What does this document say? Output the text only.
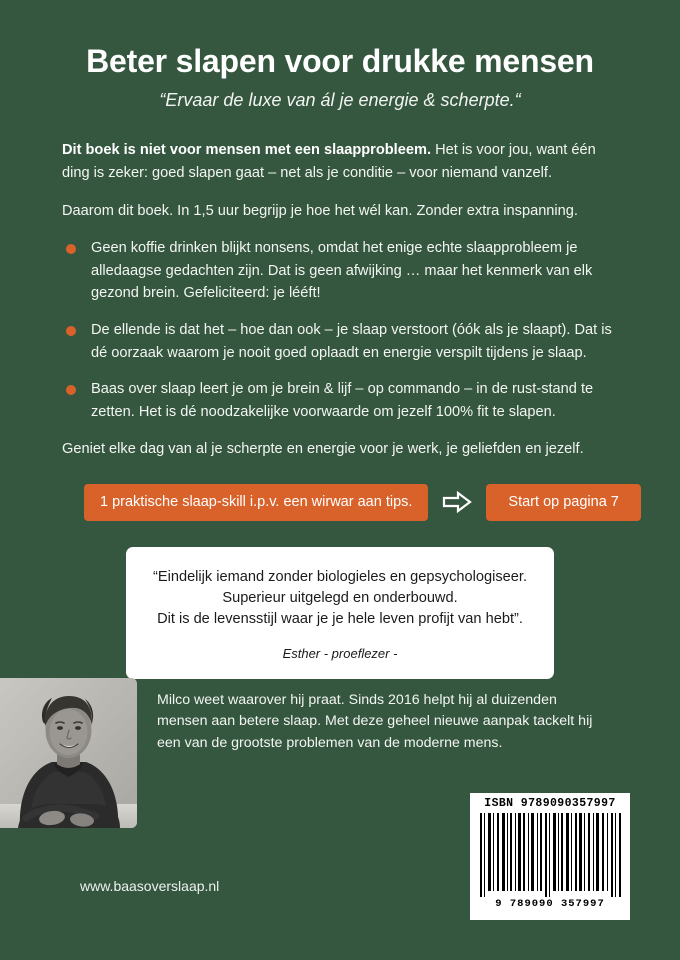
Beter slapen voor drukke mensen

“Ervaar de luxe van ál je energie & scherpte.“

Dit boek is niet voor mensen met een slaapprobleem. Het is voor jou, want één ding is zeker: goed slapen gaat – net als je conditie – voor niemand vanzelf.

Daarom dit boek. In 1,5 uur begrijp je hoe het wél kan. Zonder extra inspanning.

Geen koffie drinken blijkt nonsens, omdat het enige echte slaapprobleem je alledaagse gedachten zijn. Dat is geen afwijking … maar het kenmerk van elk gezond brein. Gefeliciteerd: je lééft!
De ellende is dat het – hoe dan ook – je slaap verstoort (óók als je slaapt). Dat is dé oorzaak waarom je nooit goed oplaadt en energie verspilt tijdens je slaap.
Baas over slaap leert je om je brein & lijf – op commando – in de rust-stand te zetten. Het is dé noodzakelijke voorwaarde om jezelf 100% fit te slapen.

Geniet elke dag van al je scherpte en energie voor je werk, je geliefden en jezelf.

1 praktische slaap-skill i.p.v. een wirwar aan tips.	Start op pagina 7

“Eindelijk iemand zonder biologieles en gepsychologiseer.
Superieur uitgelegd en onderbouwd.
Dit is de levensstijl waar je je hele leven profijt van hebt”.

Esther - proeflezer -

Milco weet waarover hij praat. Sinds 2016 helpt hij al duizenden mensen aan betere slaap. Met deze geheel nieuwe aanpak tackelt hij een van de grootste problemen van de moderne mens.

www.baasoverslaap.nl
ISBN 9789090357997
9 789090 357997
